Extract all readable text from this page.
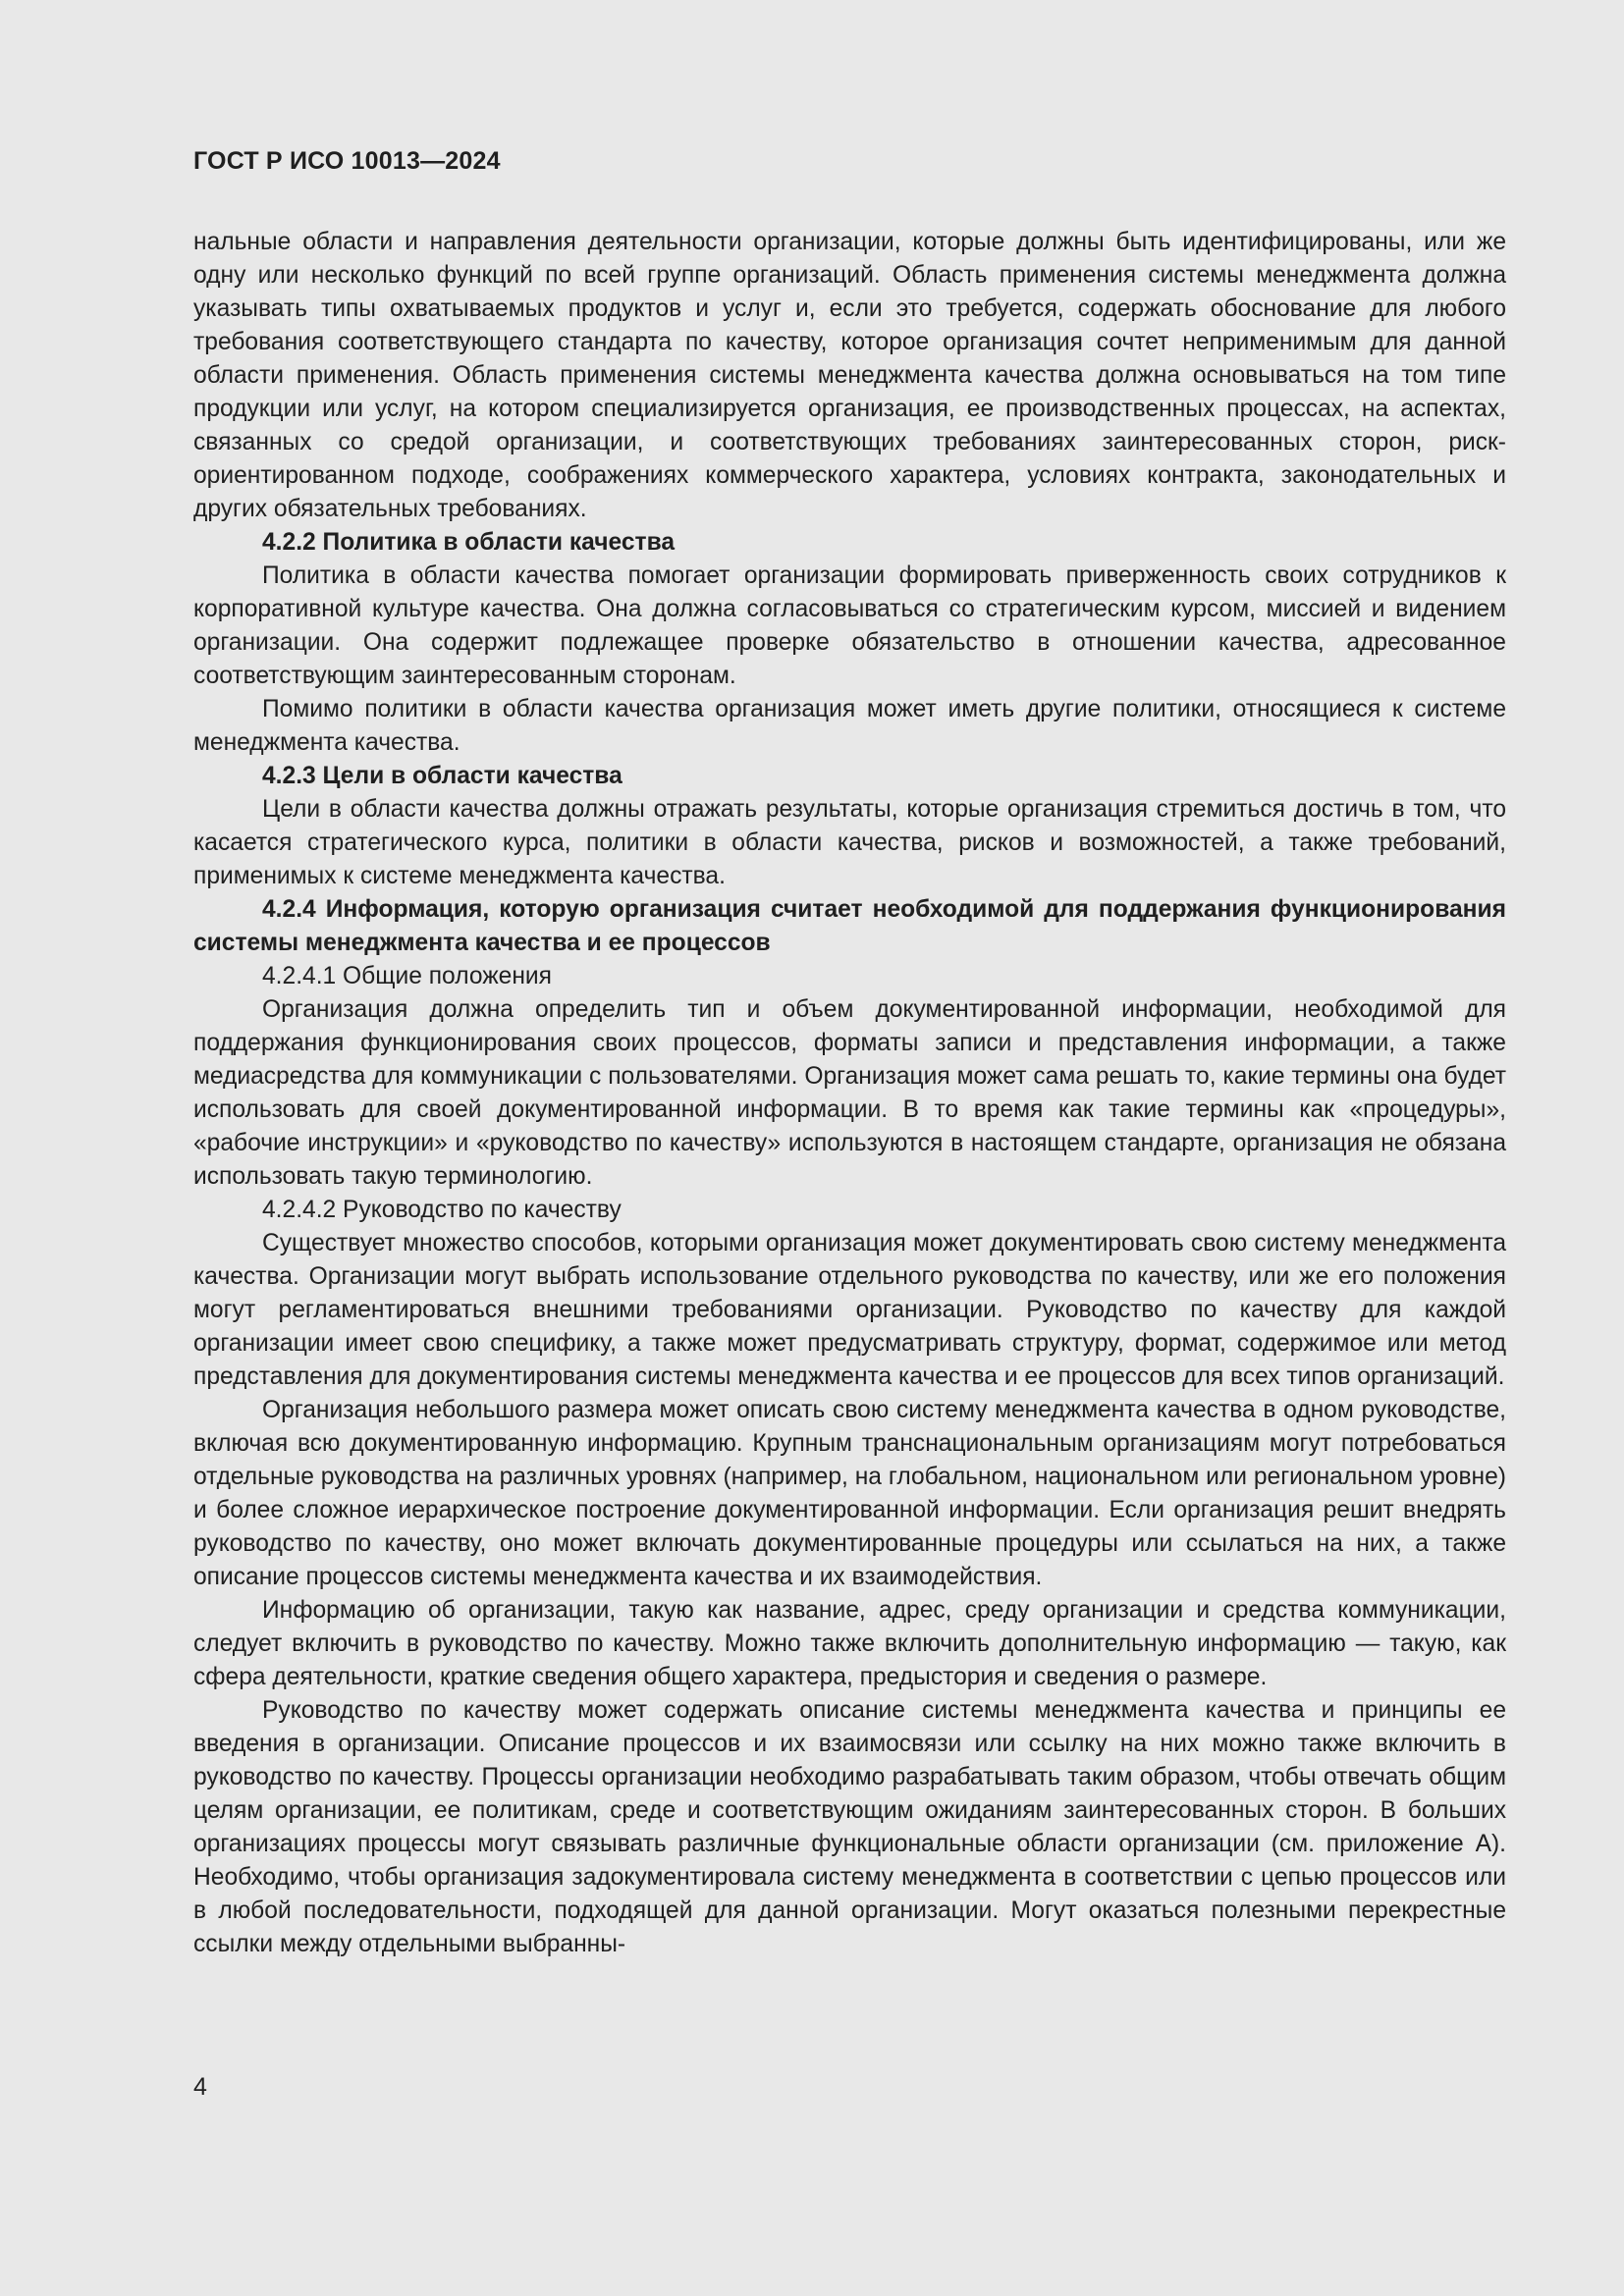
ГОСТ Р ИСО 10013—2024

нальные области и направления деятельности организации, которые должны быть идентифицированы, или же одну или несколько функций по всей группе организаций. Область применения системы менеджмента должна указывать типы охватываемых продуктов и услуг и, если это требуется, содержать обоснование для любого требования соответствующего стандарта по качеству, которое организация сочтет неприменимым для данной области применения. Область применения системы менеджмента качества должна основываться на том типе продукции или услуг, на котором специализируется организация, ее производственных процессах, на аспектах, связанных со средой организации, и соответствующих требованиях заинтересованных сторон, риск-ориентированном подходе, соображениях коммерческого характера, условиях контракта, законодательных и других обязательных требованиях.

4.2.2 Политика в области качества

Политика в области качества помогает организации формировать приверженность своих сотрудников к корпоративной культуре качества. Она должна согласовываться со стратегическим курсом, миссией и видением организации. Она содержит подлежащее проверке обязательство в отношении качества, адресованное соответствующим заинтересованным сторонам.

Помимо политики в области качества организация может иметь другие политики, относящиеся к системе менеджмента качества.

4.2.3 Цели в области качества

Цели в области качества должны отражать результаты, которые организация стремиться достичь в том, что касается стратегического курса, политики в области качества, рисков и возможностей, а также требований, применимых к системе менеджмента качества.

4.2.4 Информация, которую организация считает необходимой для поддержания функционирования системы менеджмента качества и ее процессов

4.2.4.1 Общие положения

Организация должна определить тип и объем документированной информации, необходимой для поддержания функционирования своих процессов, форматы записи и представления информации, а также медиасредства для коммуникации с пользователями. Организация может сама решать то, какие термины она будет использовать для своей документированной информации. В то время как такие термины как «процедуры», «рабочие инструкции» и «руководство по качеству» используются в настоящем стандарте, организация не обязана использовать такую терминологию.

4.2.4.2 Руководство по качеству

Существует множество способов, которыми организация может документировать свою систему менеджмента качества. Организации могут выбрать использование отдельного руководства по качеству, или же его положения могут регламентироваться внешними требованиями организации. Руководство по качеству для каждой организации имеет свою специфику, а также может предусматривать структуру, формат, содержимое или метод представления для документирования системы менеджмента качества и ее процессов для всех типов организаций.

Организация небольшого размера может описать свою систему менеджмента качества в одном руководстве, включая всю документированную информацию. Крупным транснациональным организациям могут потребоваться отдельные руководства на различных уровнях (например, на глобальном, национальном или региональном уровне) и более сложное иерархическое построение документированной информации. Если организация решит внедрять руководство по качеству, оно может включать документированные процедуры или ссылаться на них, а также описание процессов системы менеджмента качества и их взаимодействия.

Информацию об организации, такую как название, адрес, среду организации и средства коммуникации, следует включить в руководство по качеству. Можно также включить дополнительную информацию — такую, как сфера деятельности, краткие сведения общего характера, предыстория и сведения о размере.

Руководство по качеству может содержать описание системы менеджмента качества и принципы ее введения в организации. Описание процессов и их взаимосвязи или ссылку на них можно также включить в руководство по качеству. Процессы организации необходимо разрабатывать таким образом, чтобы отвечать общим целям организации, ее политикам, среде и соответствующим ожиданиям заинтересованных сторон. В больших организациях процессы могут связывать различные функциональные области организации (см. приложение А). Необходимо, чтобы организация задокументировала систему менеджмента в соответствии с цепью процессов или в любой последовательности, подходящей для данной организации. Могут оказаться полезными перекрестные ссылки между отдельными выбранны-

4
